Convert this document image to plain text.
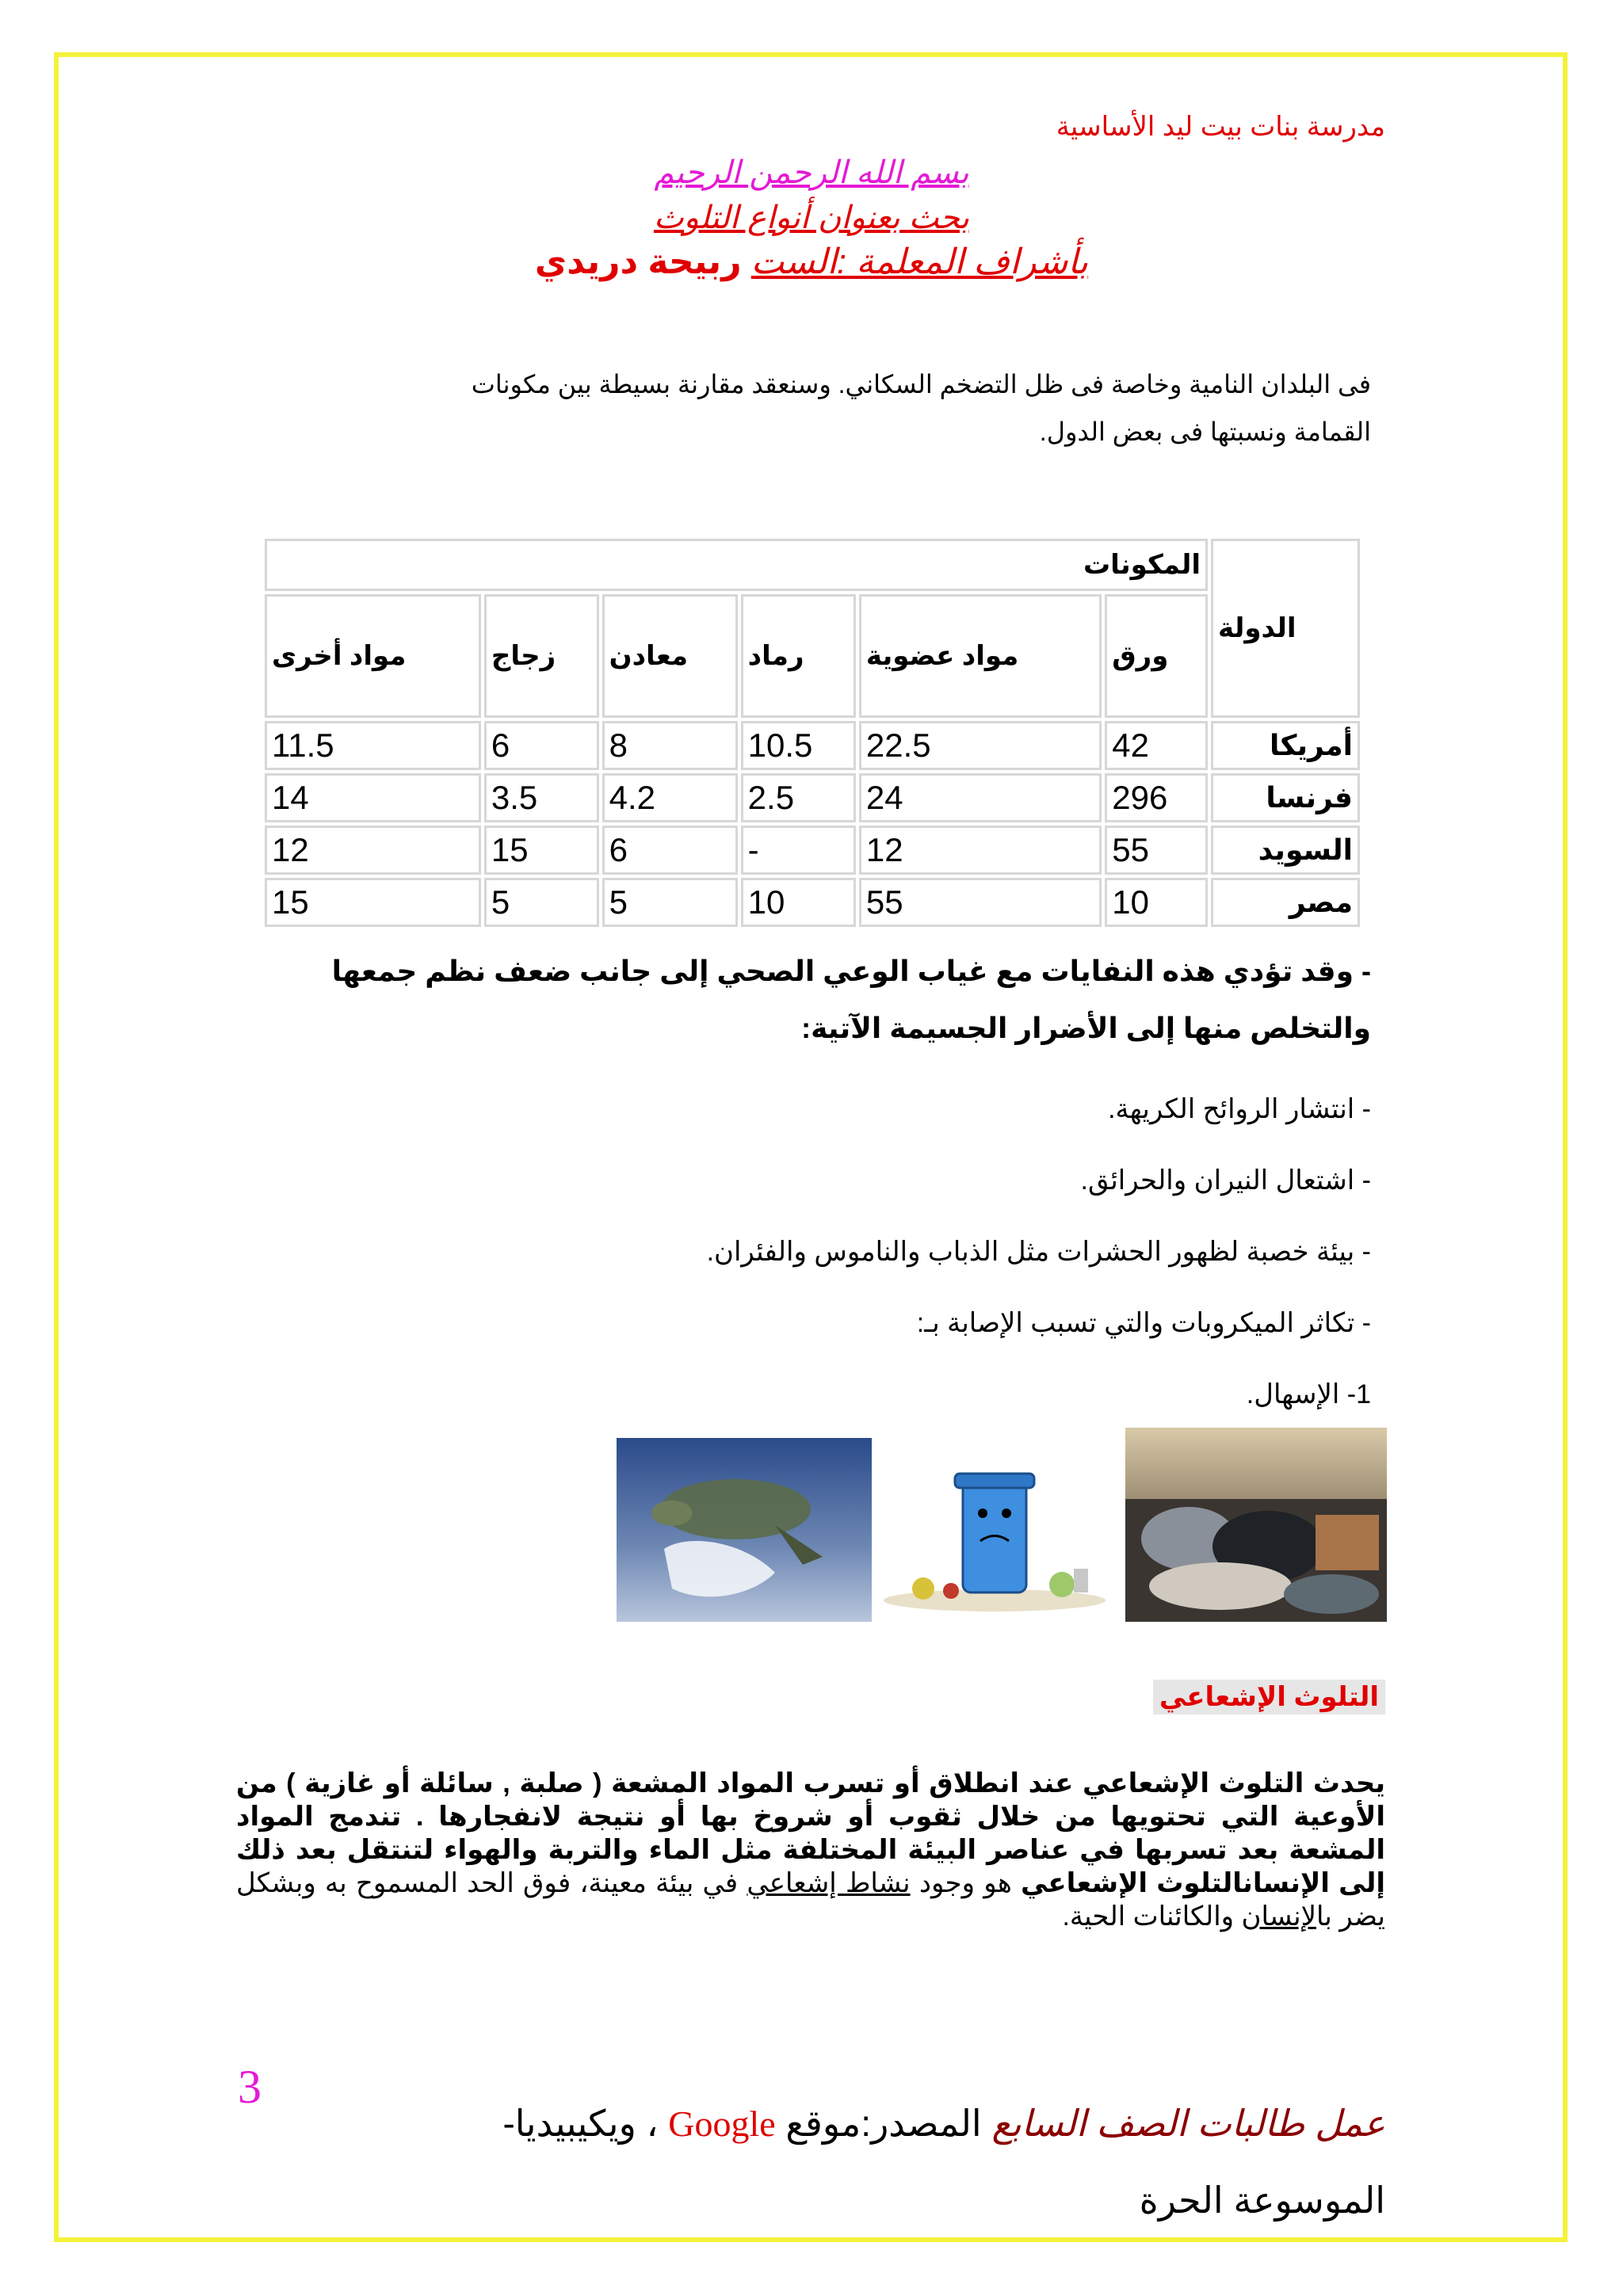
مدرسة بنات بيت ليد الأساسية
بسم الله الرحمن الرحيم
بحث بعنوان أنواع التلوث
بأشراف المعلمة :الست ربيحة دريدي
فى البلدان النامية وخاصة فى ظل التضخم السكاني. وسنعقد مقارنة بسيطة بين مكونات
القمامة ونسبتها فى بعض الدول.
الدولة	المكونات					
	ورق	مواد عضوية	رماد	معادن	زجاج	مواد أخرى
أمريكا	42	22.5	10.5	8	6	11.5
فرنسا	296	24	2.5	4.2	3.5	14
السويد	55	12	-	6	15	12
مصر	10	55	10	5	5	15
- وقد تؤدي هذه النفايات مع غياب الوعي الصحي إلى جانب ضعف نظم جمعها والتخلص منها إلى الأضرار الجسيمة الآتية:
- انتشار الروائح الكريهة.
- اشتعال النيران والحرائق.
- بيئة خصبة لظهور الحشرات مثل الذباب والناموس والفئران.
- تكاثر الميكروبات والتي تسبب الإصابة بـ:
1- الإسهال.
التلوث الإشعاعي
يحدث التلوث الإشعاعي عند انطلاق أو تسرب المواد المشعة ( صلبة , سائلة أو غازية ) من الأوعية التي تحتويها من خلال ثقوب أو شروخ بها أو نتيجة لانفجارها . تندمج المواد المشعة بعد تسربها في عناصر البيئة المختلفة مثل الماء والتربة والهواء لتنتقل بعد ذلك إلى الإنسانالتلوث الإشعاعي هو وجود نشاط إشعاعي في بيئة معينة، فوق الحد المسموح به وبشكل يضر بالإنسان والكائنات الحية.
3
عمل طالبات الصف السابع المصدر:موقع Google ، ويكيبيديا-
الموسوعة الحرة
